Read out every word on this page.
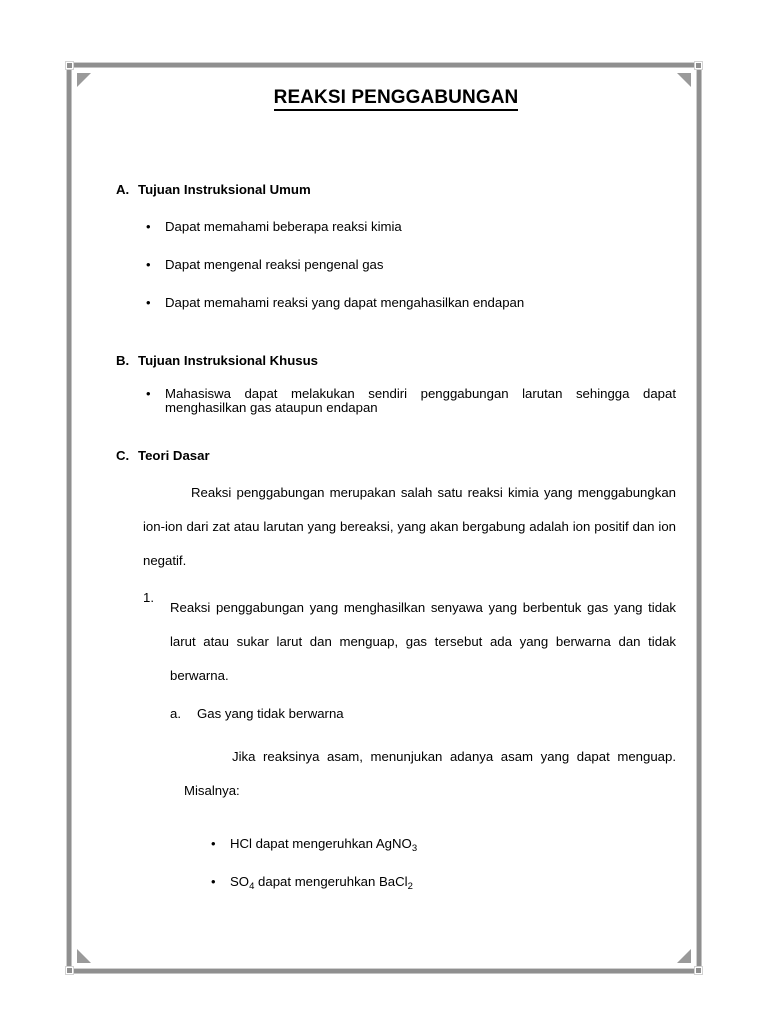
REAKSI PENGGABUNGAN
A. Tujuan Instruksional Umum
•	Dapat memahami beberapa reaksi kimia
•	Dapat mengenal reaksi pengenal gas
•	Dapat memahami reaksi yang dapat mengahasilkan endapan
B. Tujuan Instruksional Khusus
•	Mahasiswa dapat melakukan sendiri penggabungan larutan sehingga dapat menghasilkan gas ataupun endapan
C. Teori Dasar

Reaksi penggabungan merupakan salah satu reaksi kimia yang menggabungkan ion-ion dari zat atau larutan yang bereaksi, yang akan bergabung adalah ion positif dan ion negatif.

1.
Reaksi penggabungan yang menghasilkan senyawa yang berbentuk gas yang tidak larut atau sukar larut dan menguap, gas tersebut ada yang berwarna dan tidak berwarna.
a.	Gas yang tidak berwarna

Jika reaksinya asam, menunjukan adanya asam yang dapat menguap. Misalnya:

•	HCl dapat mengeruhkan AgNO$_3$
•	$SO_4$ dapat mengeruhkan BaCl$_2$
